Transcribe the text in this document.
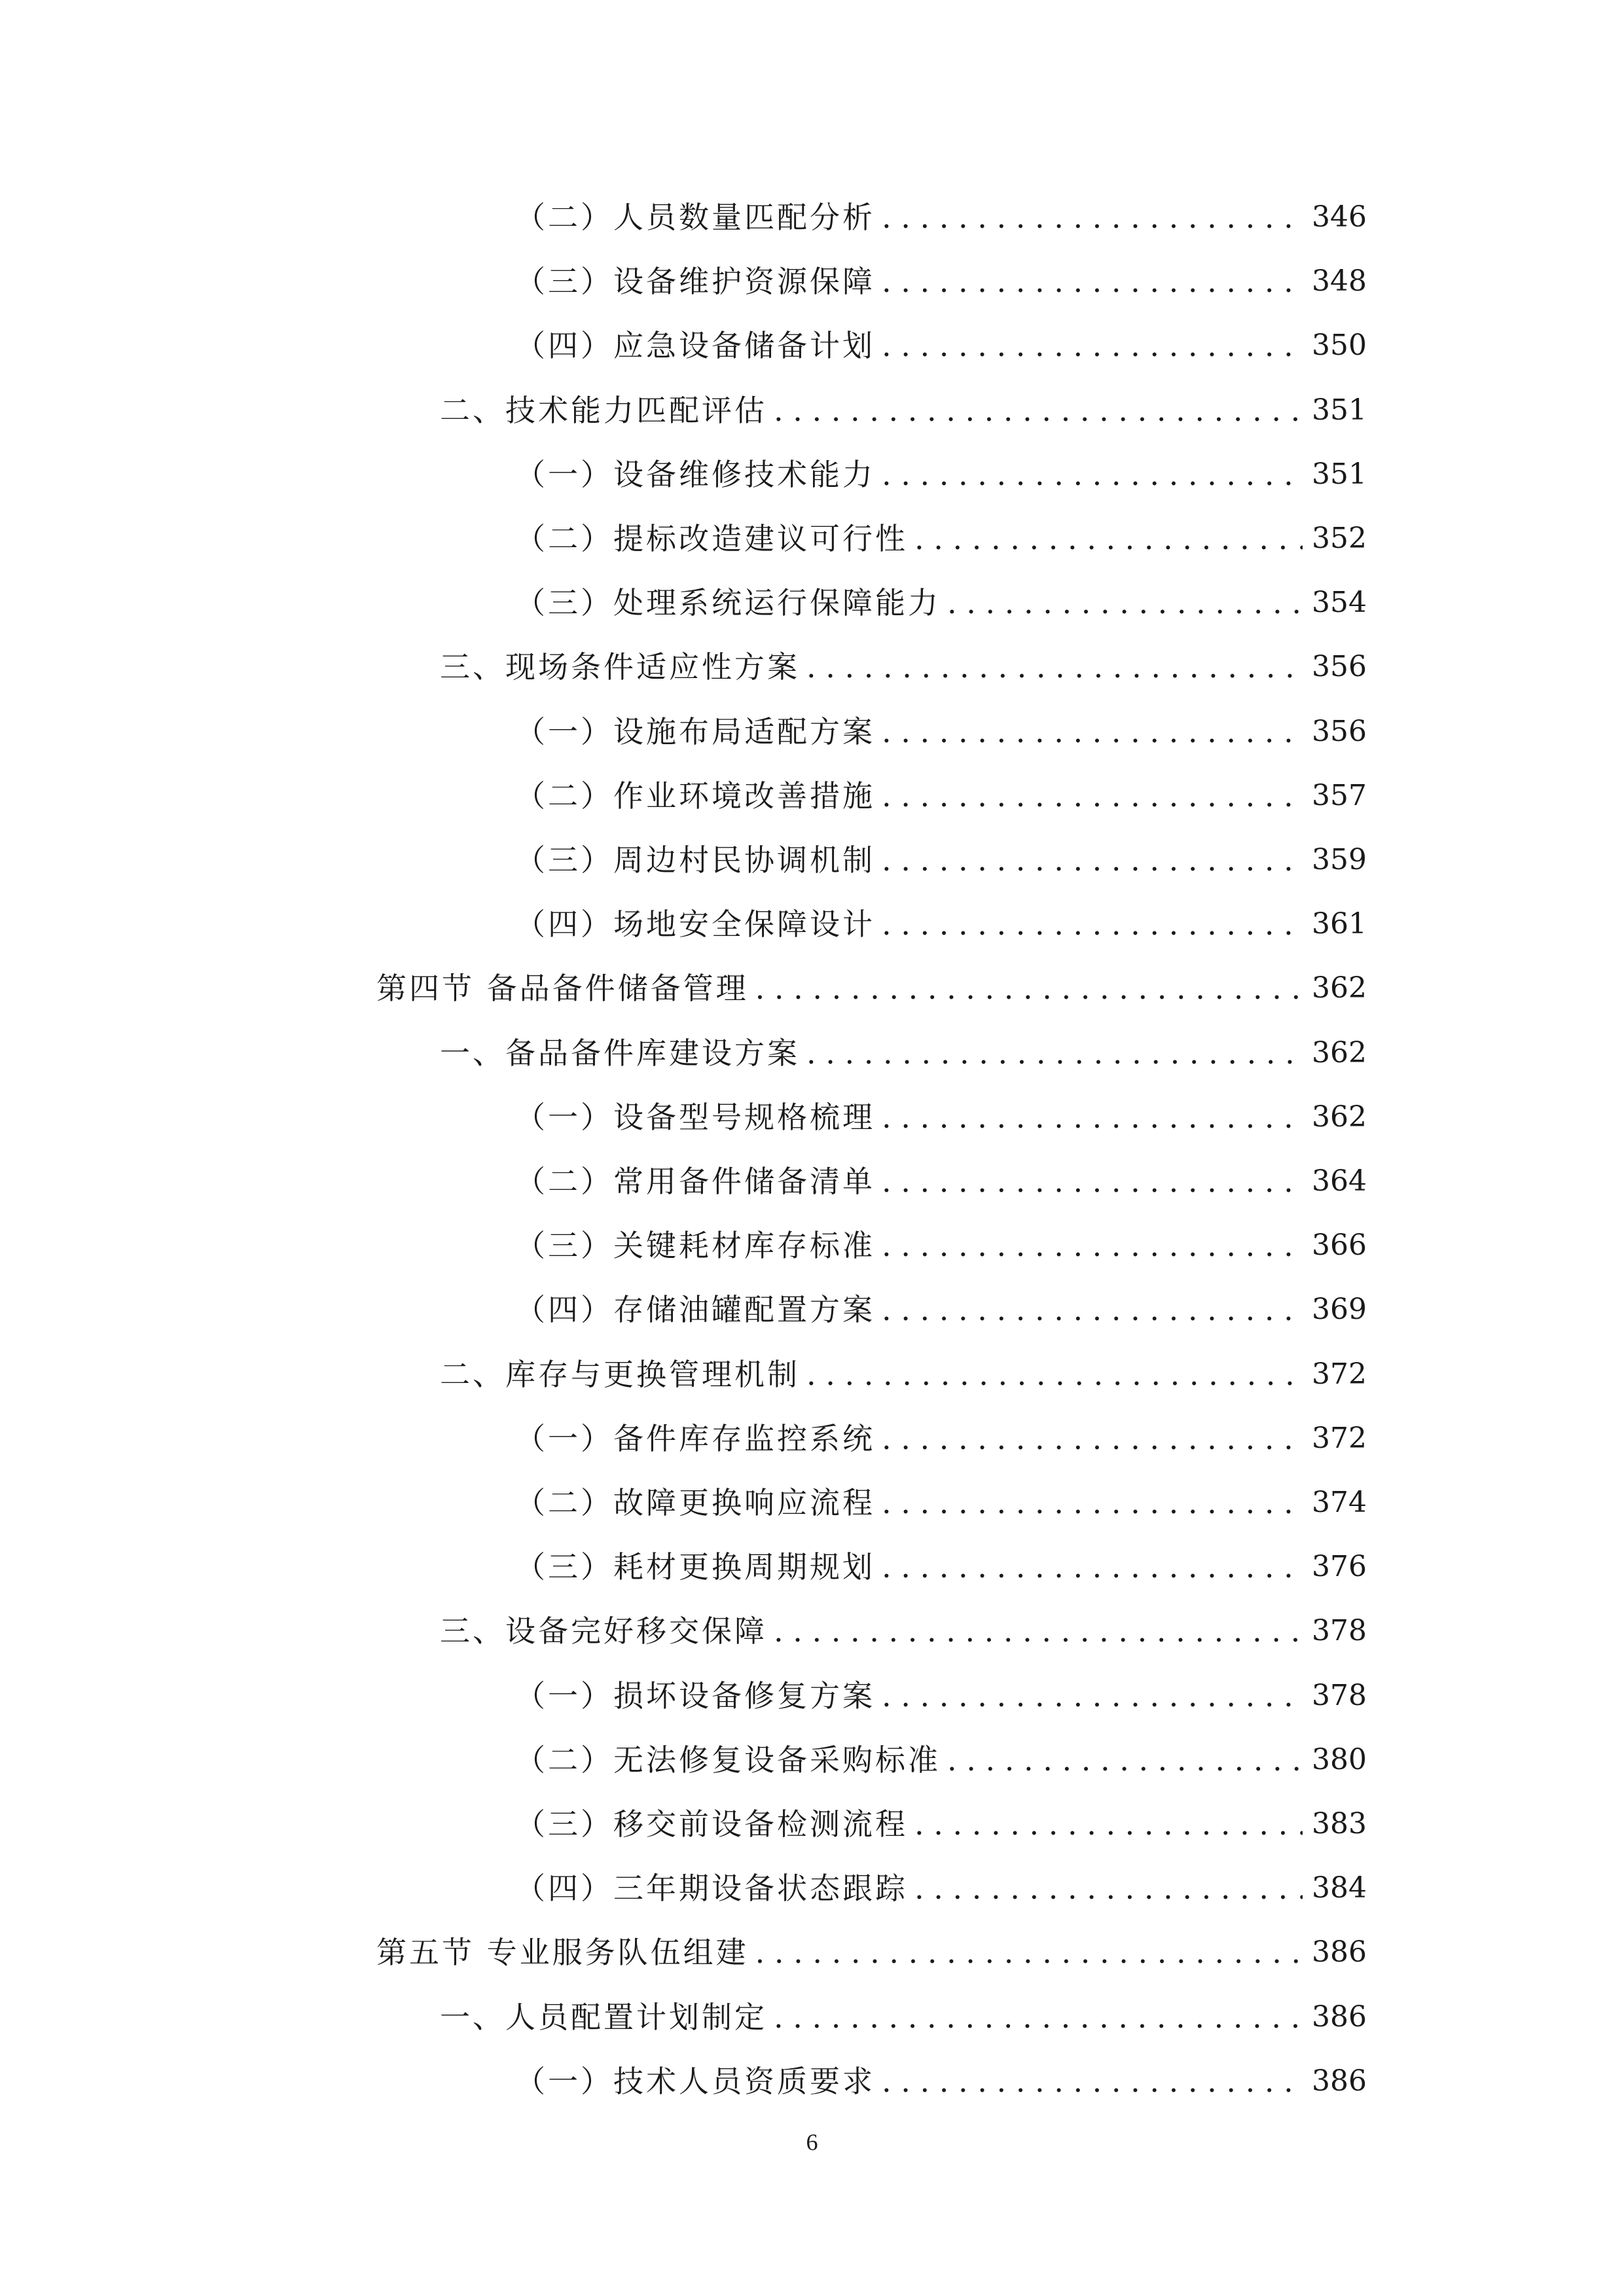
（二）人员数量匹配分析 . . .	346
（三）设备维护资源保障 . . .	348
（四）应急设备储备计划 . . .	350
二、技术能力匹配评估 . . .	351
（一）设备维修技术能力 . . .	351
（二）提标改造建议可行性 . . .	352
（三）处理系统运行保障能力 . . .	354
三、现场条件适应性方案 . . .	356
（一）设施布局适配方案 . . .	356
（二）作业环境改善措施 . . .	357
（三）周边村民协调机制 . . .	359
（四）场地安全保障设计 . . .	361
第四节 备品备件储备管理 . . .	362
一、备品备件库建设方案 . . .	362
（一）设备型号规格梳理 . . .	362
（二）常用备件储备清单 . . .	364
（三）关键耗材库存标准 . . .	366
（四）存储油罐配置方案 . . .	369
二、库存与更换管理机制 . . .	372
（一）备件库存监控系统 . . .	372
（二）故障更换响应流程 . . .	374
（三）耗材更换周期规划 . . .	376
三、设备完好移交保障 . . .	378
（一）损坏设备修复方案 . . .	378
（二）无法修复设备采购标准 . . .	380
（三）移交前设备检测流程 . . .	383
（四）三年期设备状态跟踪 . . .	384
第五节 专业服务队伍组建 . . .	386
一、人员配置计划制定 . . .	386
（一）技术人员资质要求 . . .	386
6
